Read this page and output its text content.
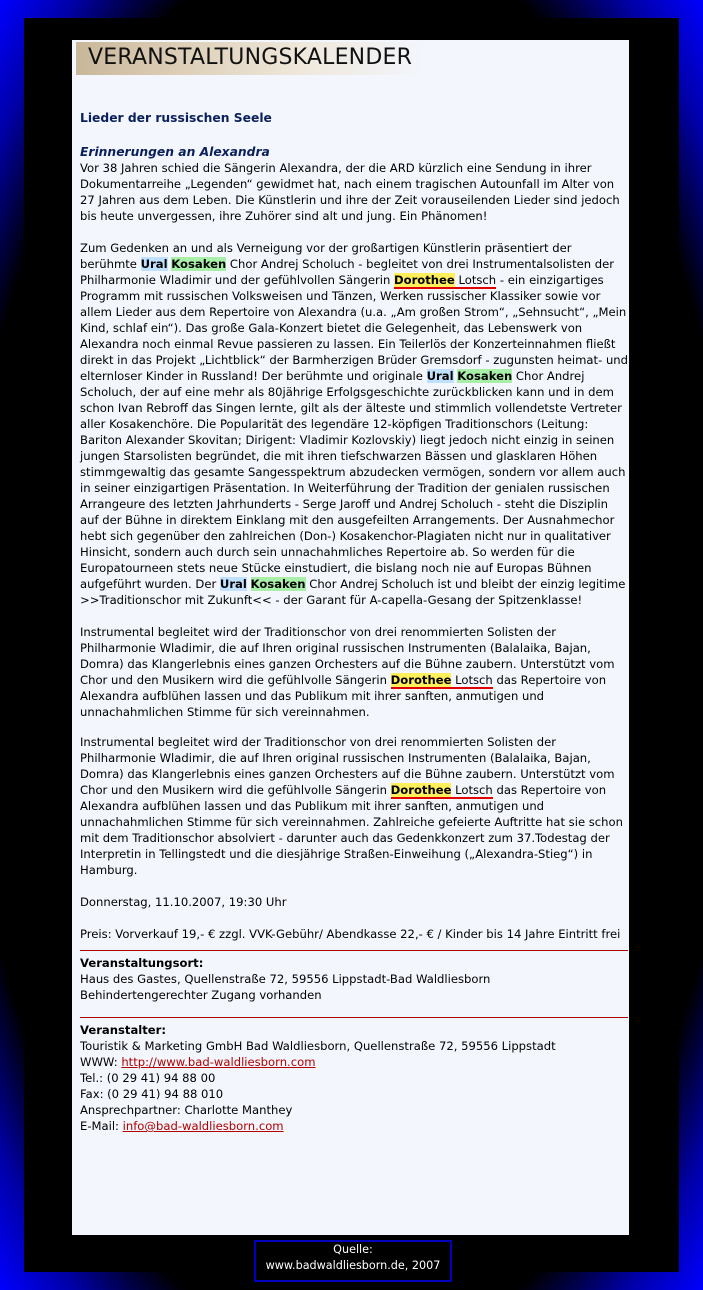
VERANSTALTUNGSKALENDER

Lieder der russischen Seele

Erinnerungen an Alexandra

Vor 38 Jahren schied die Sängerin Alexandra, der die ARD kürzlich eine Sendung in ihrer Dokumentarreihe „Legenden“ gewidmet hat, nach einem tragischen Autounfall im Alter von 27 Jahren aus dem Leben. Die Künstlerin und ihre der Zeit vorauseilenden Lieder sind jedoch bis heute unvergessen, ihre Zuhörer sind alt und jung. Ein Phänomen!

Zum Gedenken an und als Verneigung vor der großartigen Künstlerin präsentiert der berühmte Ural Kosaken Chor Andrej Scholuch - begleitet von drei Instrumentalsolisten der Philharmonie Wladimir und der gefühlvollen Sängerin Dorothee Lotsch - ein einzigartiges Programm mit russischen Volksweisen und Tänzen, Werken russischer Klassiker sowie vor allem Lieder aus dem Repertoire von Alexandra (u.a. „Am großen Strom“, „Sehnsucht“, „Mein Kind, schlaf ein“). Das große Gala-Konzert bietet die Gelegenheit, das Lebenswerk von Alexandra noch einmal Revue passieren zu lassen. Ein Teilerlös der Konzerteinnahmen fließt direkt in das Projekt „Lichtblick“ der Barmherzigen Brüder Gremsdorf - zugunsten heimat- und elternloser Kinder in Russland! Der berühmte und originale Ural Kosaken Chor Andrej Scholuch, der auf eine mehr als 80jährige Erfolgsgeschichte zurückblicken kann und in dem schon Ivan Rebroff das Singen lernte, gilt als der älteste und stimmlich vollendetste Vertreter aller Kosakenchöre. Die Popularität des legendäre 12-köpfigen Traditionschors (Leitung: Bariton Alexander Skovitan; Dirigent: Vladimir Kozlovskiy) liegt jedoch nicht einzig in seinen jungen Starsolisten begründet, die mit ihren tiefschwarzen Bässen und glasklaren Höhen stimmgewaltig das gesamte Sangesspektrum abzudecken vermögen, sondern vor allem auch in seiner einzigartigen Präsentation. In Weiterführung der Tradition der genialen russischen Arrangeure des letzten Jahrhunderts - Serge Jaroff und Andrej Scholuch - steht die Disziplin auf der Bühne in direktem Einklang mit den ausgefeilten Arrangements. Der Ausnahmechor hebt sich gegenüber den zahlreichen (Don-) Kosakenchor-Plagiaten nicht nur in qualitativer Hinsicht, sondern auch durch sein unnachahmliches Repertoire ab. So werden für die Europatourneen stets neue Stücke einstudiert, die bislang noch nie auf Europas Bühnen aufgeführt wurden. Der Ural Kosaken Chor Andrej Scholuch ist und bleibt der einzig legitime >>Traditionschor mit Zukunft<< - der Garant für A-capella-Gesang der Spitzenklasse!

Instrumental begleitet wird der Traditionschor von drei renommierten Solisten der Philharmonie Wladimir, die auf Ihren original russischen Instrumenten (Balalaika, Bajan, Domra) das Klangerlebnis eines ganzen Orchesters auf die Bühne zaubern. Unterstützt vom Chor und den Musikern wird die gefühlvolle Sängerin Dorothee Lotsch das Repertoire von Alexandra aufblühen lassen und das Publikum mit ihrer sanften, anmutigen und unnachahmlichen Stimme für sich vereinnahmen.

Instrumental begleitet wird der Traditionschor von drei renommierten Solisten der Philharmonie Wladimir, die auf Ihren original russischen Instrumenten (Balalaika, Bajan, Domra) das Klangerlebnis eines ganzen Orchesters auf die Bühne zaubern. Unterstützt vom Chor und den Musikern wird die gefühlvolle Sängerin Dorothee Lotsch das Repertoire von Alexandra aufblühen lassen und das Publikum mit ihrer sanften, anmutigen und unnachahmlichen Stimme für sich vereinnahmen. Zahlreiche gefeierte Auftritte hat sie schon mit dem Traditionschor absolviert - darunter auch das Gedenkkonzert zum 37.Todestag der Interpretin in Tellingstedt und die diesjährige Straßen-Einweihung („Alexandra-Stieg“) in Hamburg.

Donnerstag, 11.10.2007, 19:30 Uhr

Preis: Vorverkauf 19,- € zzgl. VVK-Gebühr/ Abendkasse 22,- € / Kinder bis 14 Jahre Eintritt frei

Veranstaltungsort:

Haus des Gastes, Quellenstraße 72, 59556 Lippstadt-Bad Waldliesborn

Behindertengerechter Zugang vorhanden

Veranstalter:

Touristik & Marketing GmbH Bad Waldliesborn, Quellenstraße 72, 59556 Lippstadt

WWW: http://www.bad-waldliesborn.com

Tel.: (0 29 41) 94 88 00

Fax: (0 29 41) 94 88 010

Ansprechpartner: Charlotte Manthey

E-Mail: info@bad-waldliesborn.com

Quelle:
www.badwaldliesborn.de, 2007
